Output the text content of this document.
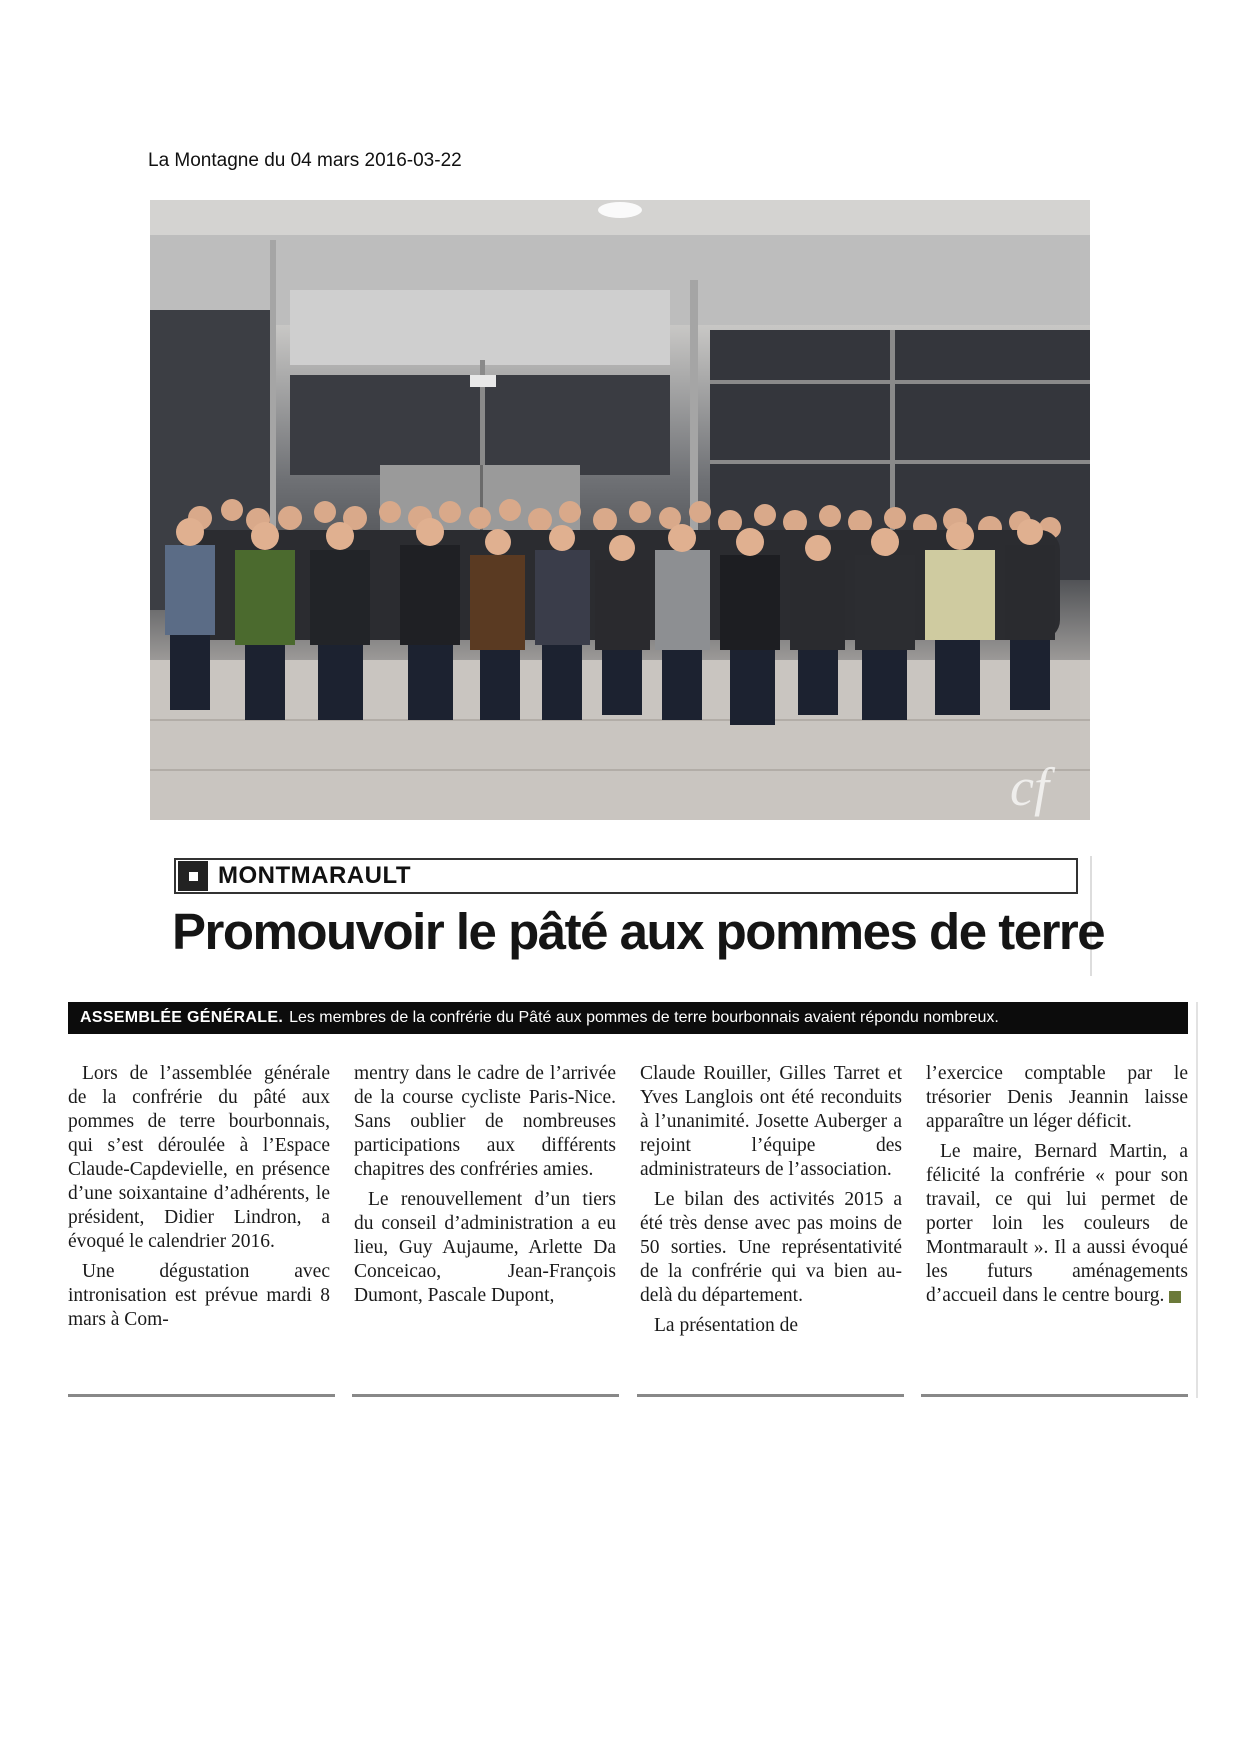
La Montagne du 04 mars 2016-03-22
cf
MONTMARAULT
Promouvoir le pâté aux pommes de terre
ASSEMBLÉE GÉNÉRALE. Les membres de la confrérie du Pâté aux pommes de terre bourbonnais avaient répondu nombreux.

Lors de l’assemblée générale de la confrérie du pâté aux pommes de terre bourbonnais, qui s’est déroulée à l’Espace Claude-Capdevielle, en présence d’une soixantaine d’adhérents, le président, Didier Lindron, a évoqué le calendrier 2016.

Une dégustation avec intronisation est prévue mardi 8 mars à Com-

mentry dans le cadre de l’arrivée de la course cycliste Paris-Nice. Sans oublier de nombreuses participations aux différents chapitres des confréries amies.

Le renouvellement d’un tiers du conseil d’administration a eu lieu, Guy Aujaume, Arlette Da Conceicao, Jean-François Dumont, Pascale Dupont,

Claude Rouiller, Gilles Tarret et Yves Langlois ont été reconduits à l’unanimité. Josette Auberger a rejoint l’équipe des administrateurs de l’association.

Le bilan des activités 2015 a été très dense avec pas moins de 50 sorties. Une représentativité de la confrérie qui va bien au-delà du département.

La présentation de

l’exercice comptable par le trésorier Denis Jeannin laisse apparaître un léger déficit.

Le maire, Bernard Martin, a félicité la confrérie « pour son travail, ce qui lui permet de porter loin les couleurs de Montmarault ». Il a aussi évoqué les futurs aménagements d’accueil dans le centre bourg.
